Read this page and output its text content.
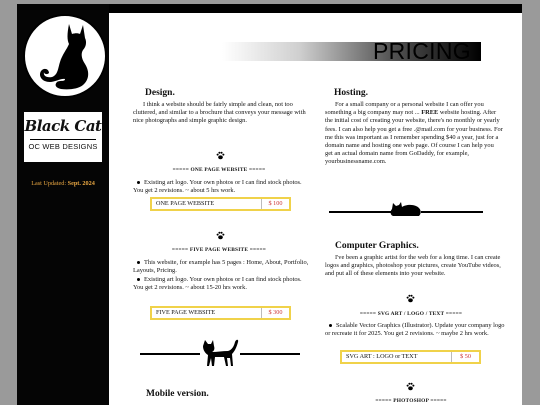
Black Cat
OC WEB DESIGNS
Last Updated: Sept. 2024
PRICING
Design.
I think a website should be fairly simple and clean, not too cluttered, and similar to a brochure that conveys your message with nice photographs and simple graphic design.
===== ONE PAGE WEBSITE =====
Existing art logo. Your own photos or I can find stock photos. You get 2 revisions. ~ about 5 hrs work.
ONE PAGE WEBSITE	$ 100
===== FIVE PAGE WEBSITE =====
This website, for example has 5 pages : Home, About, Portfolio, Layouts, Pricing.
Existing art logo. Your own photos or I can find stock photos. You get 2 revisions. ~ about 15-20 hrs work.
FIVE PAGE WEBSITE	$ 300
Mobile version.
Hosting.
For a small company or a personal website I can offer you something a big company may not ... FREE website hosting. After the initial cost of creating your website, there's no monthly or yearly fees. I can also help you get a free .@mail.com for your business. For me this was important as I remember spending $40 a year, just for a domain name and hosting one web page. Of course I can help you get an actual domain name from GoDaddy, for example, yourbusinessname.com.
Computer Graphics.
I've been a graphic artist for the web for a long time. I can create logos and graphics, photoshop your pictures, create YouTube videos, and put all of these elements into your website.
===== SVG ART / LOGO / TEXT =====
Scalable Vector Graphics (Illustrator). Update your company logo or recreate it for 2025. You get 2 revisions. ~ maybe 2 hrs work.
SVG ART : LOGO or TEXT	$ 50
===== PHOTOSHOP =====
